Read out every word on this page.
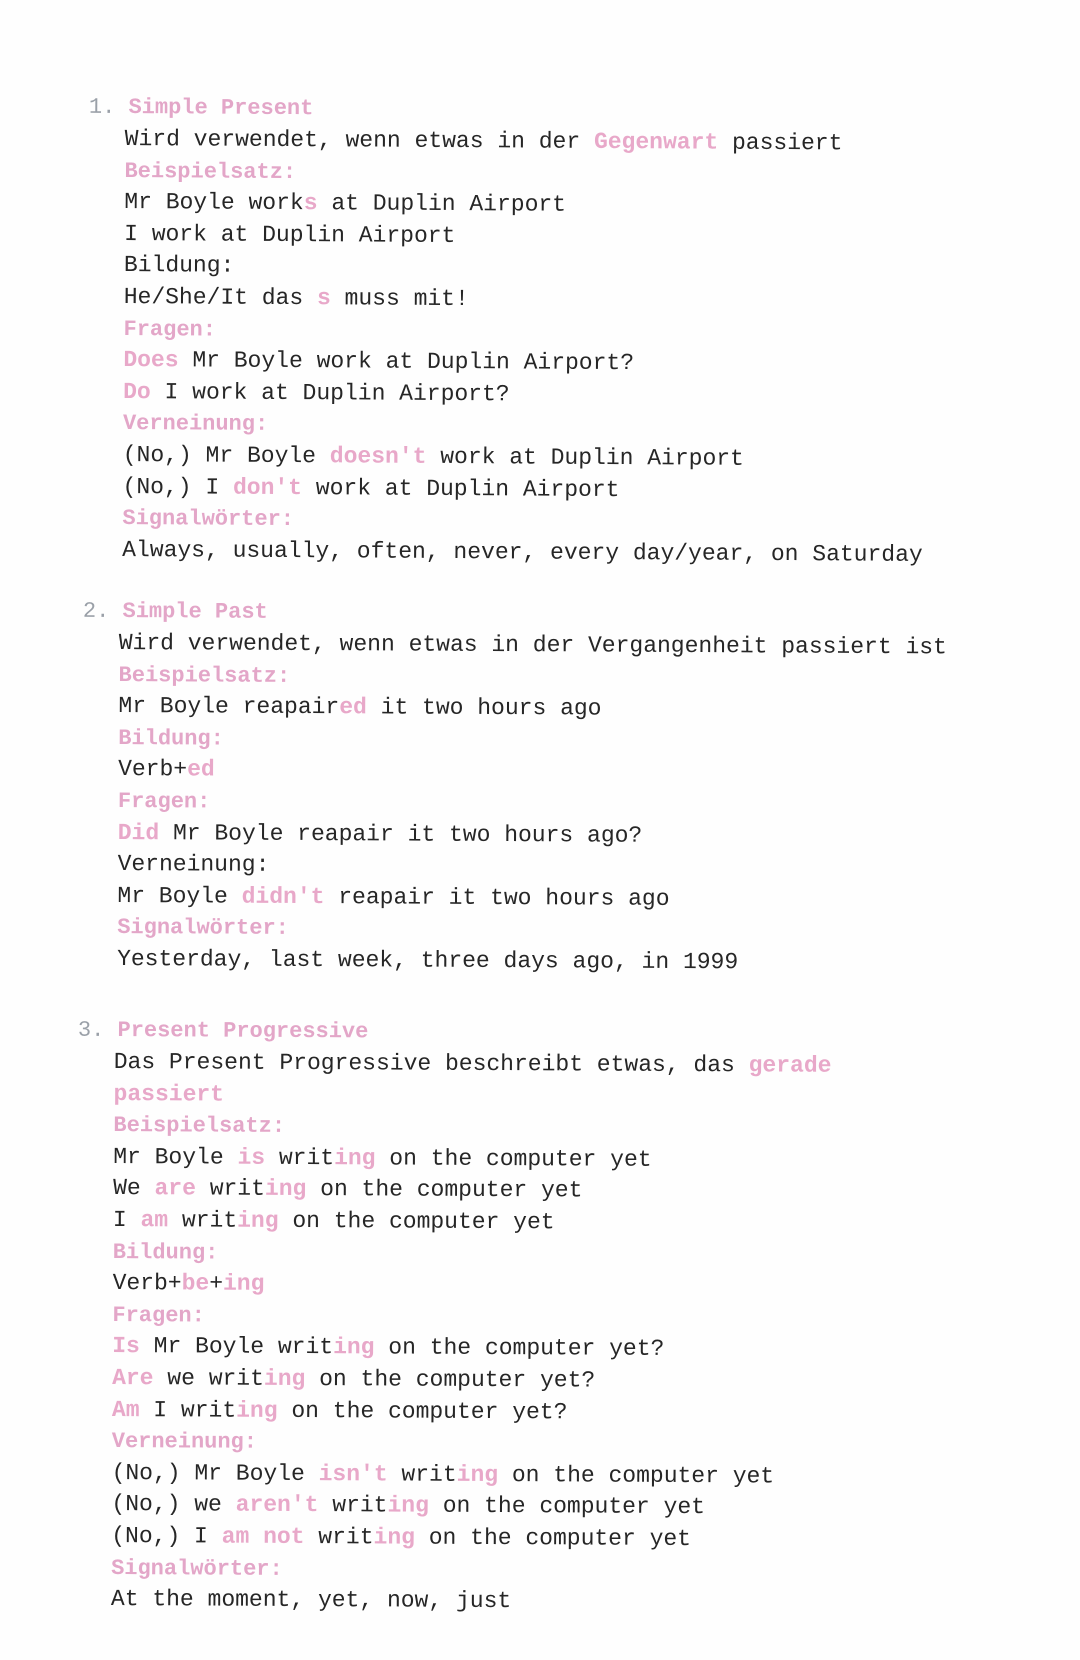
1. Simple Present
Wird verwendet, wenn etwas in der Gegenwart passiert
Beispielsatz:
Mr Boyle works at Duplin Airport
I work at Duplin Airport
Bildung:
He/She/It das s muss mit!
Fragen:
Does Mr Boyle work at Duplin Airport?
Do I work at Duplin Airport?
Verneinung:
(No,) Mr Boyle doesn't work at Duplin Airport
(No,) I don't work at Duplin Airport
Signalwörter:
Always, usually, often, never, every day/year, on Saturday
2. Simple Past
Wird verwendet, wenn etwas in der Vergangenheit passiert ist
Beispielsatz:
Mr Boyle reapaired it two hours ago
Bildung:
Verb+ed
Fragen:
Did Mr Boyle reapair it two hours ago?
Verneinung:
Mr Boyle didn't reapair it two hours ago
Signalwörter:
Yesterday, last week, three days ago, in 1999
3. Present Progressive
Das Present Progressive beschreibt etwas, das gerade
passiert
Beispielsatz:
Mr Boyle is writing on the computer yet
We are writing on the computer yet
I am writing on the computer yet
Bildung:
Verb+be+ing
Fragen:
Is Mr Boyle writing on the computer yet?
Are we writing on the computer yet?
Am I writing on the computer yet?
Verneinung:
(No,) Mr Boyle isn't writing on the computer yet
(No,) we aren't writing on the computer yet
(No,) I am not writing on the computer yet
Signalwörter:
At the moment, yet, now, just
